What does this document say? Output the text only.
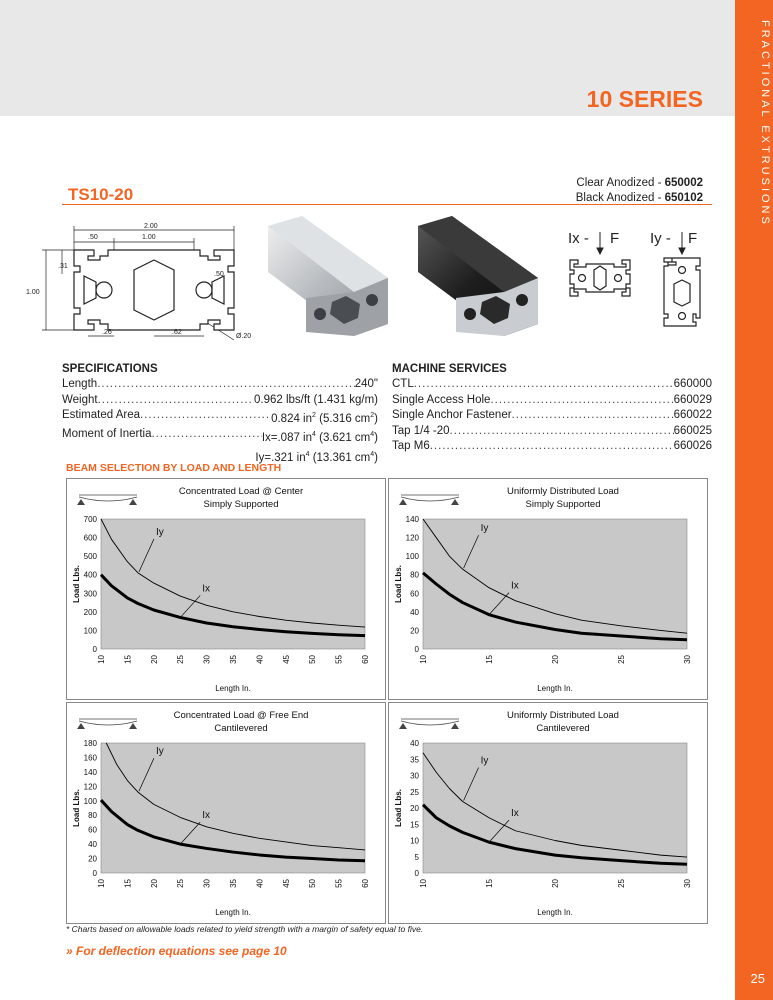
FRACTIONAL EXTRUSIONS
25
10 SERIES
TS10-20
Clear Anodized - 650002
Black Anodized - 650102
2.00
.50	1.00
.31
1.00
.50
.26	.62
Ø.20
Ix - F Iy - F
SPECIFICATIONS
Length .....	240"
Weight .....	0.962 lbs/ft (1.431 kg/m)
Estimated Area .....	0.824 $in^2$ (5.316 $cm^2$)
Moment of Inertia .....	Ix=.087 $in^4$ (3.621 $cm^4$)
Iy=.321 $in^4$ (13.361 $cm^4$)
MACHINE SERVICES
CTL .....	660000
Single Access Hole .....	660029
Single Anchor Fastener .....	660022
Tap 1/4 -20 .....	660025
Tap M6 .....	660026
BEAM SELECTION BY LOAD AND LENGTH
Concentrated Load @ Center
Simply Supported
0
100
200
300
400
500
600
700
10 15 20 25 30 35 40 45 50 55 60
Length In.
Load Lbs.
Iy
Ix
Uniformly Distributed Load
Simply Supported
0
20
40
60
80
100
120
140
10	15	20	25	30
Length In.
Load Lbs.
Iy
Ix
Concentrated Load @ Free End
Cantilevered
0
20
40
60
80
100
120
140
160
180
10 15 20 25 30 35 40 45 50 55 60
Length In.
Load Lbs.
Iy
Ix
Uniformly Distributed Load
Cantilevered
0
5
10
15
20
25
30
35
40
10	15	20	25	30
Length In.
Load Lbs.
Iy
Ix
* Charts based on allowable loads related to yield strength with a margin of safety equal to five.
» For deflection equations see page 10
